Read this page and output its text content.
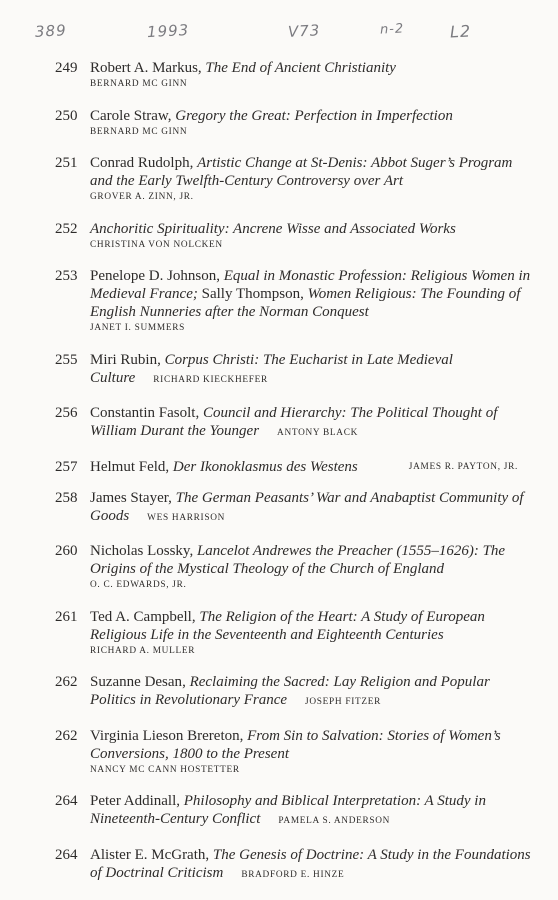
389	1993	V73	n-2	L2
249 Robert A. Markus, The End of Ancient Christianity
BERNARD MC GINN
250 Carole Straw, Gregory the Great: Perfection in Imperfection
BERNARD MC GINN
251 Conrad Rudolph, Artistic Change at St-Denis: Abbot Suger’s Program and the Early Twelfth-Century Controversy over Art
GROVER A. ZINN, JR.
252 Anchoritic Spirituality: Ancrene Wisse and Associated Works
CHRISTINA VON NOLCKEN
253 Penelope D. Johnson, Equal in Monastic Profession: Religious Women in Medieval France; Sally Thompson, Women Religious: The Founding of English Nunneries after the Norman Conquest
JANET I. SUMMERS
255 Miri Rubin, Corpus Christi: The Eucharist in Late Medieval Culture RICHARD KIECKHEFER
256 Constantin Fasolt, Council and Hierarchy: The Political Thought of William Durant the Younger ANTONY BLACK
257 Helmut Feld, Der Ikonoklasmus des Westens	JAMES R. PAYTON, JR.
258 James Stayer, The German Peasants’ War and Anabaptist Community of Goods WES HARRISON
260 Nicholas Lossky, Lancelot Andrewes the Preacher (1555–1626): The Origins of the Mystical Theology of the Church of England
O. C. EDWARDS, JR.
261 Ted A. Campbell, The Religion of the Heart: A Study of European Religious Life in the Seventeenth and Eighteenth Centuries
RICHARD A. MULLER
262 Suzanne Desan, Reclaiming the Sacred: Lay Religion and Popular Politics in Revolutionary France JOSEPH FITZER
262 Virginia Lieson Brereton, From Sin to Salvation: Stories of Women’s Conversions, 1800 to the Present
NANCY MC CANN HOSTETTER
264 Peter Addinall, Philosophy and Biblical Interpretation: A Study in Nineteenth-Century Conflict PAMELA S. ANDERSON
264 Alister E. McGrath, The Genesis of Doctrine: A Study in the Foundations of Doctrinal Criticism BRADFORD E. HINZE
